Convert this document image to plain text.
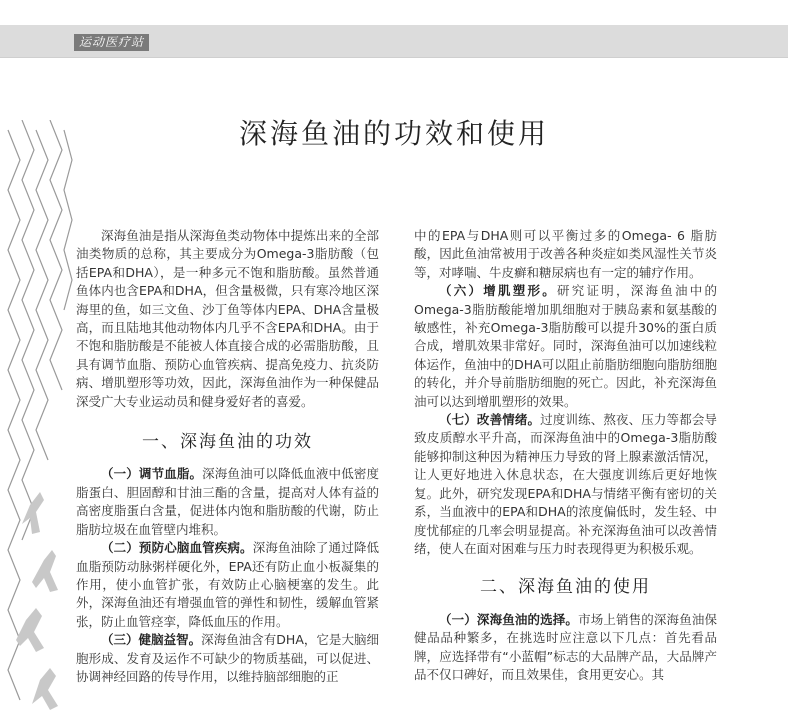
运动医疗站
深海鱼油的功效和使用

深海鱼油是指从深海鱼类动物体中提炼出来的全部油类物质的总称，其主要成分为Omega-3脂肪酸（包括EPA和DHA），是一种多元不饱和脂肪酸。虽然普通鱼体内也含EPA和DHA，但含量极微，只有寒冷地区深海里的鱼，如三文鱼、沙丁鱼等体内EPA、DHA含量极高，而且陆地其他动物体内几乎不含EPA和DHA。由于不饱和脂肪酸是不能被人体直接合成的必需脂肪酸，且具有调节血脂、预防心血管疾病、提高免疫力、抗炎防病、增肌塑形等功效，因此，深海鱼油作为一种保健品深受广大专业运动员和健身爱好者的喜爱。

一、深海鱼油的功效

（一）调节血脂。深海鱼油可以降低血液中低密度脂蛋白、胆固醇和甘油三酯的含量，提高对人体有益的高密度脂蛋白含量，促进体内饱和脂肪酸的代谢，防止脂肪垃圾在血管壁内堆积。

（二）预防心脑血管疾病。深海鱼油除了通过降低血脂预防动脉粥样硬化外，EPA还有防止血小板凝集的作用，使小血管扩张，有效防止心脑梗塞的发生。此外，深海鱼油还有增强血管的弹性和韧性，缓解血管紧张，防止血管痉挛，降低血压的作用。

（三）健脑益智。深海鱼油含有DHA，它是大脑细胞形成、发育及运作不可缺少的物质基础，可以促进、协调神经回路的传导作用，以维持脑部细胞的正

中的EPA与DHA则可以平衡过多的Omega- 6 脂肪酸，因此鱼油常被用于改善各种炎症如类风湿性关节炎等，对哮喘、牛皮癣和糖尿病也有一定的辅疗作用。

（六）增肌塑形。研究证明，深海鱼油中的Omega-3脂肪酸能增加肌细胞对于胰岛素和氨基酸的敏感性，补充Omega-3脂肪酸可以提升30%的蛋白质合成，增肌效果非常好。同时，深海鱼油可以加速线粒体运作，鱼油中的DHA可以阻止前脂肪细胞向脂肪细胞的转化，并介导前脂肪细胞的死亡。因此，补充深海鱼油可以达到增肌塑形的效果。

（七）改善情绪。过度训练、熬夜、压力等都会导致皮质醇水平升高，而深海鱼油中的Omega-3脂肪酸能够抑制这种因为精神压力导致的肾上腺素激活情况，让人更好地进入休息状态，在大强度训练后更好地恢复。此外，研究发现EPA和DHA与情绪平衡有密切的关系，当血液中的EPA和DHA的浓度偏低时，发生轻、中度忧郁症的几率会明显提高。补充深海鱼油可以改善情绪，使人在面对困难与压力时表现得更为积极乐观。

二、深海鱼油的使用

（一）深海鱼油的选择。市场上销售的深海鱼油保健品品种繁多，在挑选时应注意以下几点：首先看品牌，应选择带有“小蓝帽”标志的大品牌产品，大品牌产品不仅口碑好，而且效果佳，食用更安心。其
